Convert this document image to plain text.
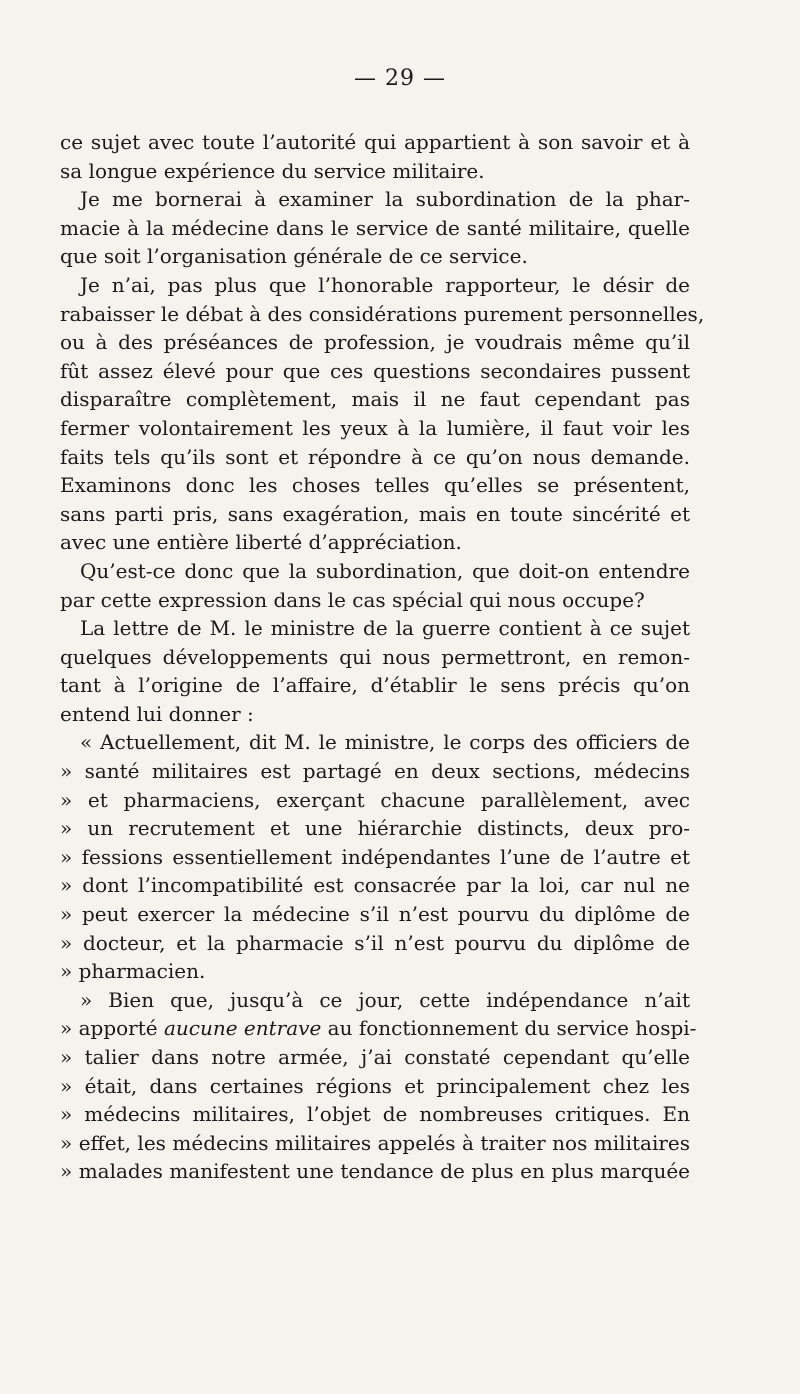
— 29 —
ce sujet avec toute l’autorité qui appartient à son savoir et à
sa longue expérience du service militaire.
Je me bornerai à examiner la subordination de la phar-
macie à la médecine dans le service de santé militaire, quelle
que soit l’organisation générale de ce service.
Je n’ai, pas plus que l’honorable rapporteur, le désir de
rabaisser le débat à des considérations purement personnelles,
ou à des préséances de profession, je voudrais même qu’il
fût assez élevé pour que ces questions secondaires pussent
disparaître complètement, mais il ne faut cependant pas
fermer volontairement les yeux à la lumière, il faut voir les
faits tels qu’ils sont et répondre à ce qu’on nous demande.
Examinons donc les choses telles qu’elles se présentent,
sans parti pris, sans exagération, mais en toute sincérité et
avec une entière liberté d’appréciation.
Qu’est-ce donc que la subordination, que doit-on entendre
par cette expression dans le cas spécial qui nous occupe?
La lettre de M. le ministre de la guerre contient à ce sujet
quelques développements qui nous permettront, en remon-
tant à l’origine de l’affaire, d’établir le sens précis qu’on
entend lui donner :
« Actuellement, dit M. le ministre, le corps des officiers de
» santé militaires est partagé en deux sections, médecins
» et pharmaciens, exerçant chacune parallèlement, avec
» un recrutement et une hiérarchie distincts, deux pro-
» fessions essentiellement indépendantes l’une de l’autre et
» dont l’incompatibilité est consacrée par la loi, car nul ne
» peut exercer la médecine s’il n’est pourvu du diplôme de
» docteur, et la pharmacie s’il n’est pourvu du diplôme de
» pharmacien.
» Bien que, jusqu’à ce jour, cette indépendance n’ait
» apporté aucune entrave au fonctionnement du service hospi-
» talier dans notre armée, j’ai constaté cependant qu’elle
» était, dans certaines régions et principalement chez les
» médecins militaires, l’objet de nombreuses critiques. En
» effet, les médecins militaires appelés à traiter nos militaires
» malades manifestent une tendance de plus en plus marquée
